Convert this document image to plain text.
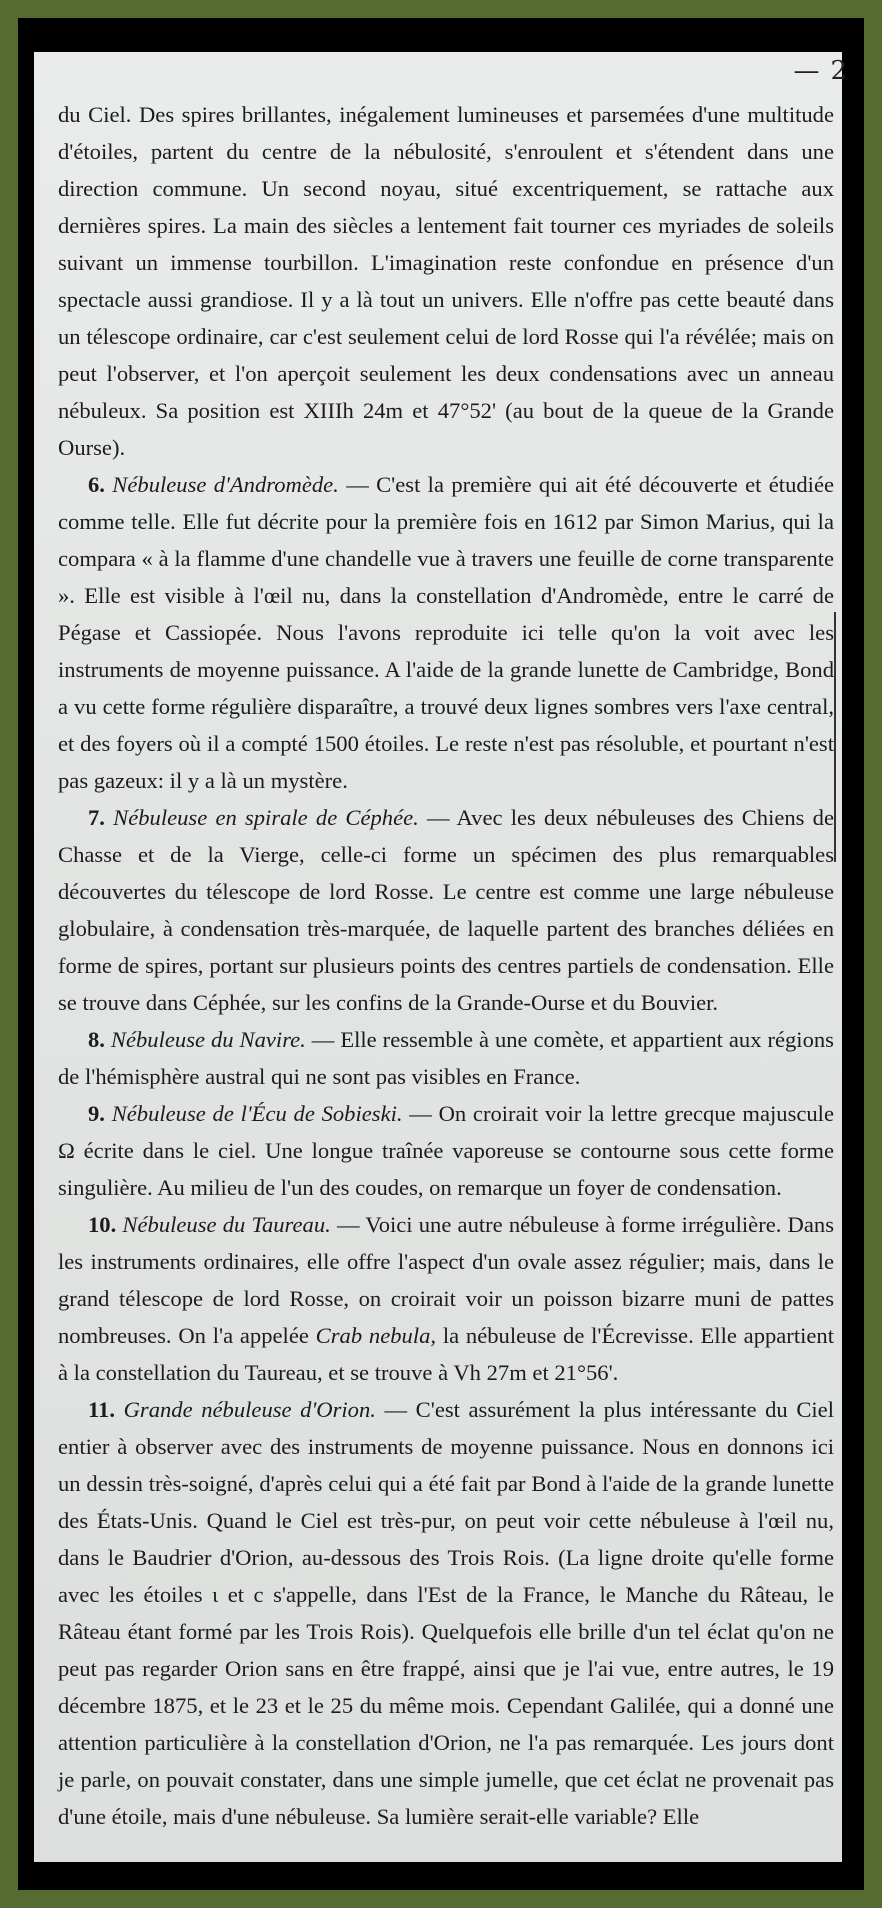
— 2

du Ciel. Des spires brillantes, inégalement lumineuses et parsemées d'une multitude d'étoiles, partent du centre de la nébulosité, s'enroulent et s'étendent dans une direction commune. Un second noyau, situé excentriquement, se rattache aux dernières spires. La main des siècles a lentement fait tourner ces myriades de soleils suivant un immense tourbillon. L'imagination reste confondue en présence d'un spectacle aussi grandiose. Il y a là tout un univers. Elle n'offre pas cette beauté dans un télescope ordinaire, car c'est seulement celui de lord Rosse qui l'a révélée; mais on peut l'observer, et l'on aperçoit seulement les deux condensations avec un anneau nébuleux. Sa position est XIIIh 24m et 47°52' (au bout de la queue de la Grande Ourse).

6. Nébuleuse d'Andromède. — C'est la première qui ait été découverte et étudiée comme telle. Elle fut décrite pour la première fois en 1612 par Simon Marius, qui la compara « à la flamme d'une chandelle vue à travers une feuille de corne transparente ». Elle est visible à l'œil nu, dans la constellation d'Andromède, entre le carré de Pégase et Cassiopée. Nous l'avons reproduite ici telle qu'on la voit avec les instruments de moyenne puissance. A l'aide de la grande lunette de Cambridge, Bond a vu cette forme régulière disparaître, a trouvé deux lignes sombres vers l'axe central, et des foyers où il a compté 1500 étoiles. Le reste n'est pas résoluble, et pourtant n'est pas gazeux: il y a là un mystère.

7. Nébuleuse en spirale de Céphée. — Avec les deux nébuleuses des Chiens de Chasse et de la Vierge, celle-ci forme un spécimen des plus remarquables découvertes du télescope de lord Rosse. Le centre est comme une large nébuleuse globulaire, à condensation très-marquée, de laquelle partent des branches déliées en forme de spires, portant sur plusieurs points des centres partiels de condensation. Elle se trouve dans Céphée, sur les confins de la Grande-Ourse et du Bouvier.

8. Nébuleuse du Navire. — Elle ressemble à une comète, et appartient aux régions de l'hémisphère austral qui ne sont pas visibles en France.

9. Nébuleuse de l'Écu de Sobieski. — On croirait voir la lettre grecque majuscule Ω écrite dans le ciel. Une longue traînée vaporeuse se contourne sous cette forme singulière. Au milieu de l'un des coudes, on remarque un foyer de condensation.

10. Nébuleuse du Taureau. — Voici une autre nébuleuse à forme irrégulière. Dans les instruments ordinaires, elle offre l'aspect d'un ovale assez régulier; mais, dans le grand télescope de lord Rosse, on croirait voir un poisson bizarre muni de pattes nombreuses. On l'a appelée Crab nebula, la nébuleuse de l'Écrevisse. Elle appartient à la constellation du Taureau, et se trouve à Vh 27m et 21°56'.

11. Grande nébuleuse d'Orion. — C'est assurément la plus intéressante du Ciel entier à observer avec des instruments de moyenne puissance. Nous en donnons ici un dessin très-soigné, d'après celui qui a été fait par Bond à l'aide de la grande lunette des États-Unis. Quand le Ciel est très-pur, on peut voir cette nébuleuse à l'œil nu, dans le Baudrier d'Orion, au-dessous des Trois Rois. (La ligne droite qu'elle forme avec les étoiles ι et c s'appelle, dans l'Est de la France, le Manche du Râteau, le Râteau étant formé par les Trois Rois). Quelquefois elle brille d'un tel éclat qu'on ne peut pas regarder Orion sans en être frappé, ainsi que je l'ai vue, entre autres, le 19 décembre 1875, et le 23 et le 25 du même mois. Cependant Galilée, qui a donné une attention particulière à la constellation d'Orion, ne l'a pas remarquée. Les jours dont je parle, on pouvait constater, dans une simple jumelle, que cet éclat ne provenait pas d'une étoile, mais d'une nébuleuse. Sa lumière serait-elle variable? Elle
